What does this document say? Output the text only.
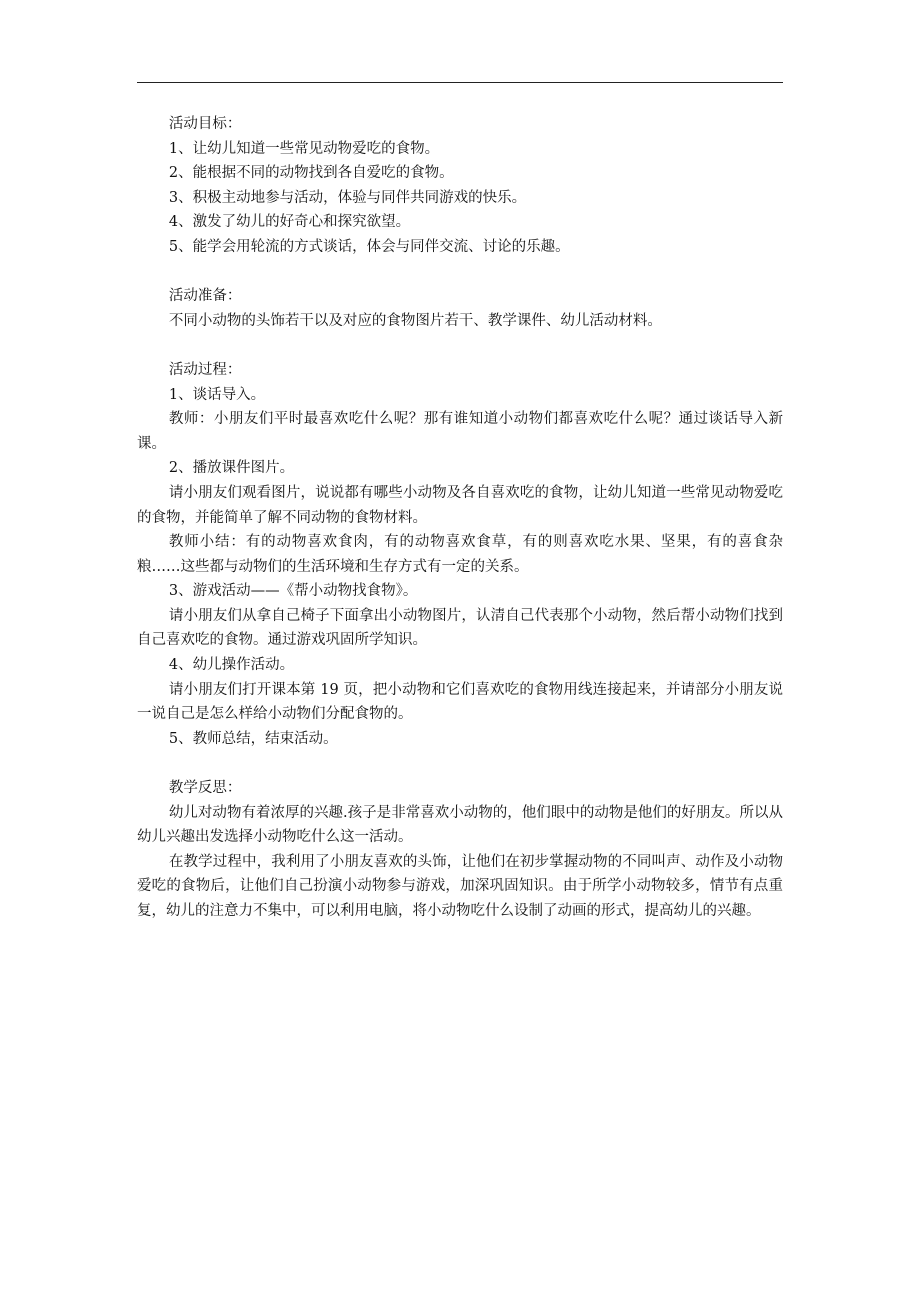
活动目标：

1、让幼儿知道一些常见动物爱吃的食物。

2、能根据不同的动物找到各自爱吃的食物。

3、积极主动地参与活动，体验与同伴共同游戏的快乐。

4、激发了幼儿的好奇心和探究欲望。

5、能学会用轮流的方式谈话，体会与同伴交流、讨论的乐趣。

活动准备：

不同小动物的头饰若干以及对应的食物图片若干、教学课件、幼儿活动材料。

活动过程：

1、谈话导入。

教师：小朋友们平时最喜欢吃什么呢？那有谁知道小动物们都喜欢吃什么呢？通过谈话导入新课。

2、播放课件图片。

请小朋友们观看图片，说说都有哪些小动物及各自喜欢吃的食物，让幼儿知道一些常见动物爱吃的食物，并能简单了解不同动物的食物材料。

教师小结：有的动物喜欢食肉，有的动物喜欢食草，有的则喜欢吃水果、坚果，有的喜食杂粮……这些都与动物们的生活环境和生存方式有一定的关系。

3、游戏活动——《帮小动物找食物》。

请小朋友们从拿自己椅子下面拿出小动物图片，认清自己代表那个小动物，然后帮小动物们找到自己喜欢吃的食物。通过游戏巩固所学知识。

4、幼儿操作活动。

请小朋友们打开课本第 19 页，把小动物和它们喜欢吃的食物用线连接起来，并请部分小朋友说一说自己是怎么样给小动物们分配食物的。

5、教师总结，结束活动。

教学反思：

幼儿对动物有着浓厚的兴趣.孩子是非常喜欢小动物的，他们眼中的动物是他们的好朋友。所以从幼儿兴趣出发选择小动物吃什么这一活动。

在教学过程中，我利用了小朋友喜欢的头饰，让他们在初步掌握动物的不同叫声、动作及小动物爱吃的食物后，让他们自己扮演小动物参与游戏，加深巩固知识。由于所学小动物较多，情节有点重复，幼儿的注意力不集中，可以利用电脑，将小动物吃什么设制了动画的形式，提高幼儿的兴趣。
